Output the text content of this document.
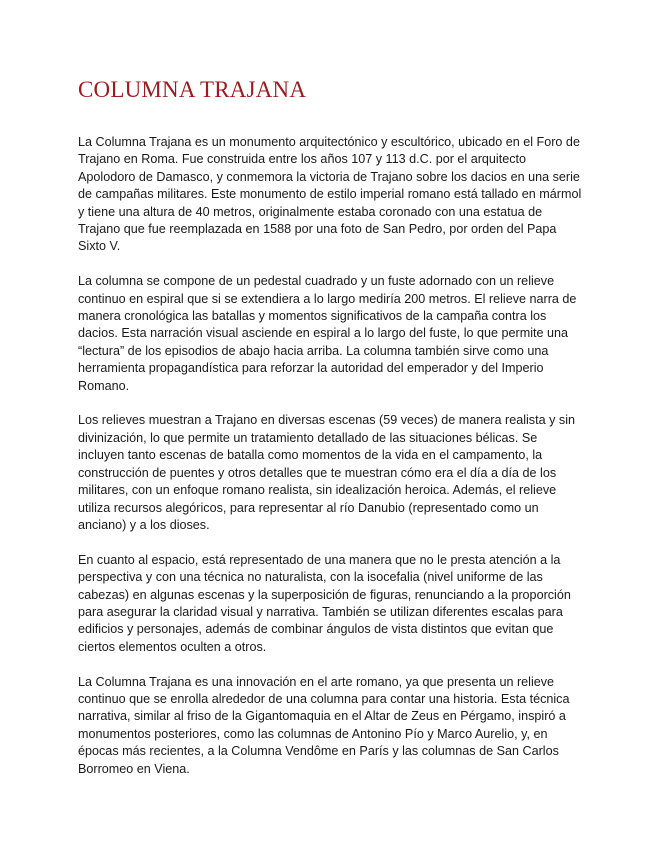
COLUMNA TRAJANA

La Columna Trajana es un monumento arquitectónico y escultórico, ubicado en el Foro de Trajano en Roma. Fue construida entre los años 107 y 113 d.C. por el arquitecto Apolodoro de Damasco, y conmemora la victoria de Trajano sobre los dacios en una serie de campañas militares. Este monumento de estilo imperial romano está tallado en mármol y tiene una altura de 40 metros, originalmente estaba coronado con una estatua de Trajano que fue reemplazada en 1588 por una foto de San Pedro, por orden del Papa Sixto V.

La columna se compone de un pedestal cuadrado y un fuste adornado con un relieve continuo en espiral que si se extendiera a lo largo mediría 200 metros. El relieve narra de manera cronológica las batallas y momentos significativos de la campaña contra los dacios. Esta narración visual asciende en espiral a lo largo del fuste, lo que permite una “lectura” de los episodios de abajo hacia arriba. La columna también sirve como una herramienta propagandística para reforzar la autoridad del emperador y del Imperio Romano.

Los relieves muestran a Trajano en diversas escenas (59 veces) de manera realista y sin divinización, lo que permite un tratamiento detallado de las situaciones bélicas. Se incluyen tanto escenas de batalla como momentos de la vida en el campamento, la construcción de puentes y otros detalles que te muestran cómo era el día a día de los militares, con un enfoque romano realista, sin idealización heroica. Además, el relieve utiliza recursos alegóricos, para representar al río Danubio (representado como un anciano) y a los dioses.

En cuanto al espacio, está representado de una manera que no le presta atención a la perspectiva y con una técnica no naturalista, con la isocefalia (nivel uniforme de las cabezas) en algunas escenas y la superposición de figuras, renunciando a la proporción para asegurar la claridad visual y narrativa. También se utilizan diferentes escalas para edificios y personajes, además de combinar ángulos de vista distintos que evitan que ciertos elementos oculten a otros.

La Columna Trajana es una innovación en el arte romano, ya que presenta un relieve continuo que se enrolla alrededor de una columna para contar una historia. Esta técnica narrativa, similar al friso de la Gigantomaquia en el Altar de Zeus en Pérgamo, inspiró a monumentos posteriores, como las columnas de Antonino Pío y Marco Aurelio, y, en épocas más recientes, a la Columna Vendôme en París y las columnas de San Carlos Borromeo en Viena.
